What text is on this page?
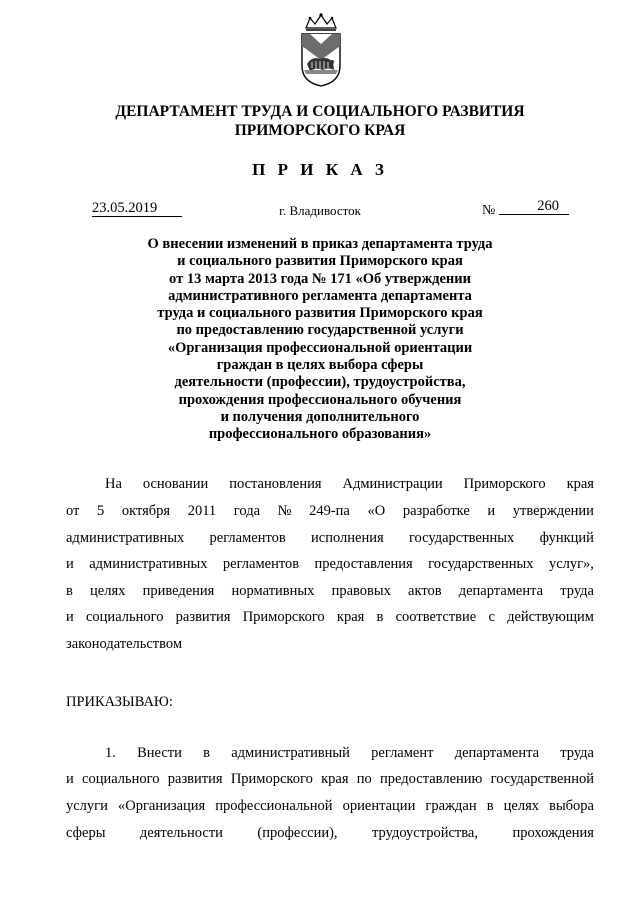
ДЕПАРТАМЕНТ ТРУДА И СОЦИАЛЬНОГО РАЗВИТИЯ
ПРИМОРСКОГО КРАЯ
П Р И К А З
23.05.2019	г. Владивосток	№	260
О внесении изменений в приказ департамента труда
и социального развития Приморского края
от 13 марта 2013 года № 171 «Об утверждении
административного регламента департамента
труда и социального развития Приморского края
по предоставлению государственной услуги
«Организация профессиональной ориентации
граждан в целях выбора сферы
деятельности (профессии), трудоустройства,
прохождения профессионального обучения
и получения дополнительного
профессионального образования»
На основании постановления Администрации Приморского края
от 5 октября 2011 года № 249-па «О разработке и утверждении
административных регламентов исполнения государственных функций
и административных регламентов предоставления государственных услуг»,
в целях приведения нормативных правовых актов департамента труда
и социального развития Приморского края в соответствие с действующим
законодательством
ПРИКАЗЫВАЮ:
1. Внести в административный регламент департамента труда
и социального развития Приморского края по предоставлению государственной
услуги «Организация профессиональной ориентации граждан в целях выбора
сферы деятельности (профессии), трудоустройства, прохождения
